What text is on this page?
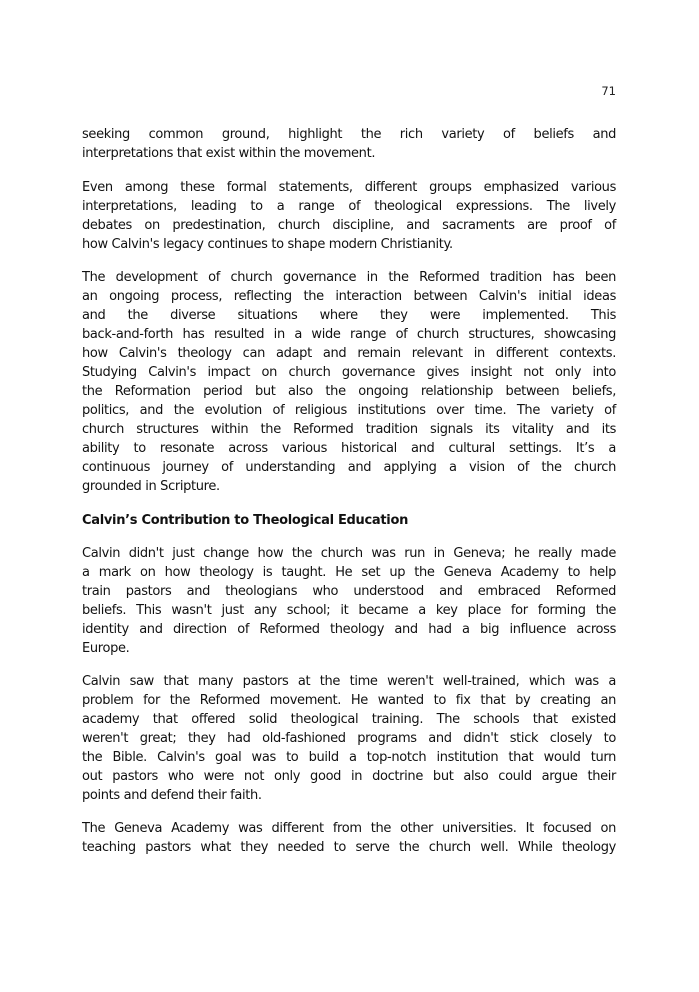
71
seeking common ground, highlight the rich variety of beliefs and
interpretations that exist within the movement.
Even among these formal statements, different groups emphasized various
interpretations, leading to a range of theological expressions. The lively
debates on predestination, church discipline, and sacraments are proof of
how Calvin's legacy continues to shape modern Christianity.
The development of church governance in the Reformed tradition has been
an ongoing process, reflecting the interaction between Calvin's initial ideas
and the diverse situations where they were implemented. This
back-and-forth has resulted in a wide range of church structures, showcasing
how Calvin's theology can adapt and remain relevant in different contexts.
Studying Calvin's impact on church governance gives insight not only into
the Reformation period but also the ongoing relationship between beliefs,
politics, and the evolution of religious institutions over time. The variety of
church structures within the Reformed tradition signals its vitality and its
ability to resonate across various historical and cultural settings. It’s a
continuous journey of understanding and applying a vision of the church
grounded in Scripture.
Calvin’s Contribution to Theological Education
Calvin didn't just change how the church was run in Geneva; he really made
a mark on how theology is taught. He set up the Geneva Academy to help
train pastors and theologians who understood and embraced Reformed
beliefs. This wasn't just any school; it became a key place for forming the
identity and direction of Reformed theology and had a big influence across
Europe.
Calvin saw that many pastors at the time weren't well-trained, which was a
problem for the Reformed movement. He wanted to fix that by creating an
academy that offered solid theological training. The schools that existed
weren't great; they had old-fashioned programs and didn't stick closely to
the Bible. Calvin's goal was to build a top-notch institution that would turn
out pastors who were not only good in doctrine but also could argue their
points and defend their faith.
The Geneva Academy was different from the other universities. It focused on
teaching pastors what they needed to serve the church well. While theology
